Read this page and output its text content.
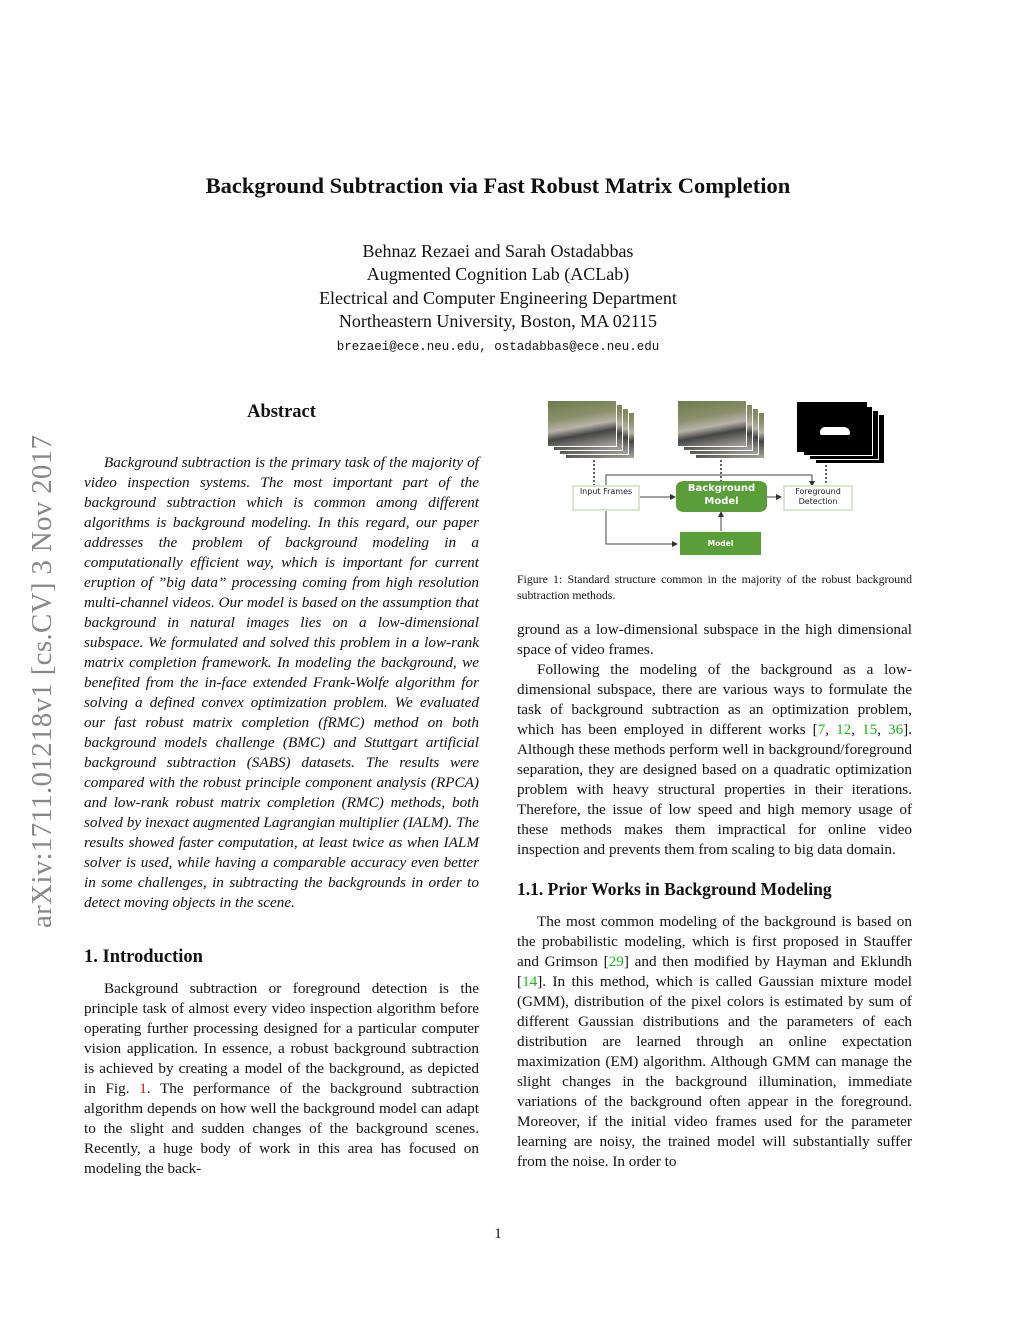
arXiv:1711.01218v1 [cs.CV] 3 Nov 2017
Background Subtraction via Fast Robust Matrix Completion
Behnaz Rezaei and Sarah Ostadabbas
Augmented Cognition Lab (ACLab)
Electrical and Computer Engineering Department
Northeastern University, Boston, MA 02115
brezaei@ece.neu.edu, ostadabbas@ece.neu.edu
Abstract

Background subtraction is the primary task of the majority of video inspection systems. The most important part of the background subtraction which is common among different algorithms is background modeling. In this regard, our paper addresses the problem of background modeling in a computationally efficient way, which is important for current eruption of ”big data” processing coming from high resolution multi-channel videos. Our model is based on the assumption that background in natural images lies on a low-dimensional subspace. We formulated and solved this problem in a low-rank matrix completion framework. In modeling the background, we benefited from the in-face extended Frank-Wolfe algorithm for solving a defined convex optimization problem. We evaluated our fast robust matrix completion (fRMC) method on both background models challenge (BMC) and Stuttgart artificial background subtraction (SABS) datasets. The results were compared with the robust principle component analysis (RPCA) and low-rank robust matrix completion (RMC) methods, both solved by inexact augmented Lagrangian multiplier (IALM). The results showed faster computation, at least twice as when IALM solver is used, while having a comparable accuracy even better in some challenges, in subtracting the backgrounds in order to detect moving objects in the scene.

1. Introduction

Background subtraction or foreground detection is the principle task of almost every video inspection algorithm before operating further processing designed for a particular computer vision application. In essence, a robust background subtraction is achieved by creating a model of the background, as depicted in Fig. 1. The performance of the background subtraction algorithm depends on how well the background model can adapt to the slight and sudden changes of the background scenes. Recently, a huge body of work in this area has focused on modeling the back-

Input Frames	Background Model
Foreground Detection
Model Maintenance
Figure 1: Standard structure common in the majority of the robust background subtraction methods.

ground as a low-dimensional subspace in the high dimensional space of video frames.

Following the modeling of the background as a low-dimensional subspace, there are various ways to formulate the task of background subtraction as an optimization problem, which has been employed in different works [7, 12, 15, 36]. Although these methods perform well in background/foreground separation, they are designed based on a quadratic optimization problem with heavy structural properties in their iterations. Therefore, the issue of low speed and high memory usage of these methods makes them impractical for online video inspection and prevents them from scaling to big data domain.

1.1. Prior Works in Background Modeling

The most common modeling of the background is based on the probabilistic modeling, which is first proposed in Stauffer and Grimson [29] and then modified by Hayman and Eklundh [14]. In this method, which is called Gaussian mixture model (GMM), distribution of the pixel colors is estimated by sum of different Gaussian distributions and the parameters of each distribution are learned through an online expectation maximization (EM) algorithm. Although GMM can manage the slight changes in the background illumination, immediate variations of the background often appear in the foreground. Moreover, if the initial video frames used for the parameter learning are noisy, the trained model will substantially suffer from the noise. In order to

1
